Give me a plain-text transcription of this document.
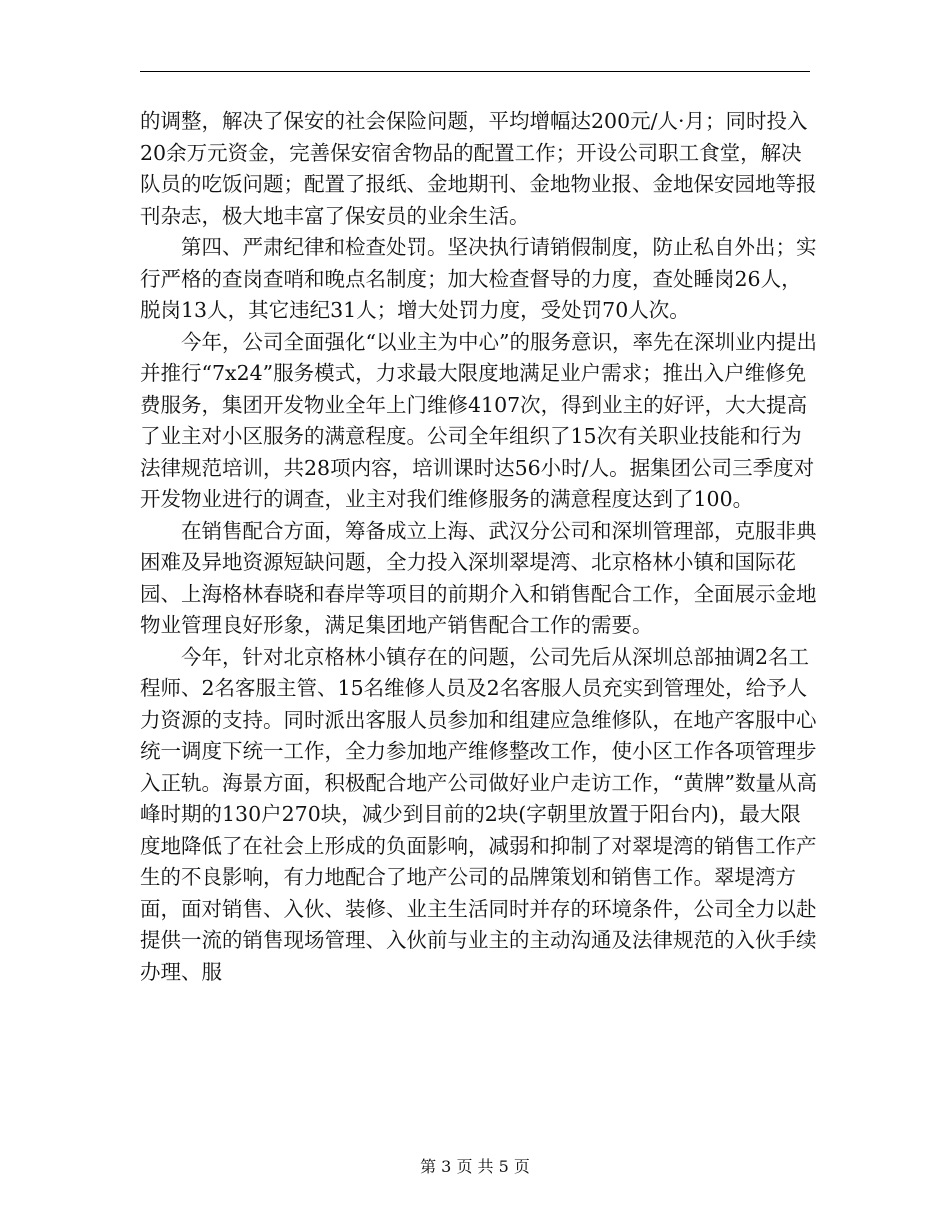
的调整，解决了保安的社会保险问题，平均增幅达200元/人·月；同时投入20余万元资金，完善保安宿舍物品的配置工作；开设公司职工食堂，解决队员的吃饭问题；配置了报纸、金地期刊、金地物业报、金地保安园地等报刊杂志，极大地丰富了保安员的业余生活。

第四、严肃纪律和检查处罚。坚决执行请销假制度，防止私自外出；实行严格的查岗查哨和晚点名制度；加大检查督导的力度，查处睡岗26人，脱岗13人，其它违纪31人；增大处罚力度，受处罚70人次。

今年，公司全面强化“以业主为中心”的服务意识，率先在深圳业内提出并推行“7x24”服务模式，力求最大限度地满足业户需求；推出入户维修免费服务，集团开发物业全年上门维修4107次，得到业主的好评，大大提高了业主对小区服务的满意程度。公司全年组织了15次有关职业技能和行为法律规范培训，共28项内容，培训课时达56小时/人。据集团公司三季度对开发物业进行的调查，业主对我们维修服务的满意程度达到了100。

在销售配合方面，筹备成立上海、武汉分公司和深圳管理部，克服非典困难及异地资源短缺问题，全力投入深圳翠堤湾、北京格林小镇和国际花园、上海格林春晓和春岸等项目的前期介入和销售配合工作，全面展示金地物业管理良好形象，满足集团地产销售配合工作的需要。

今年，针对北京格林小镇存在的问题，公司先后从深圳总部抽调2名工程师、2名客服主管、15名维修人员及2名客服人员充实到管理处，给予人力资源的支持。同时派出客服人员参加和组建应急维修队，在地产客服中心统一调度下统一工作，全力参加地产维修整改工作，使小区工作各项管理步入正轨。海景方面，积极配合地产公司做好业户走访工作，“黄牌”数量从高峰时期的130户270块，减少到目前的2块(字朝里放置于阳台内)，最大限度地降低了在社会上形成的负面影响，减弱和抑制了对翠堤湾的销售工作产生的不良影响，有力地配合了地产公司的品牌策划和销售工作。翠堤湾方面，面对销售、入伙、装修、业主生活同时并存的环境条件，公司全力以赴提供一流的销售现场管理、入伙前与业主的主动沟通及法律规范的入伙手续办理、服

第 3 页 共 5 页
